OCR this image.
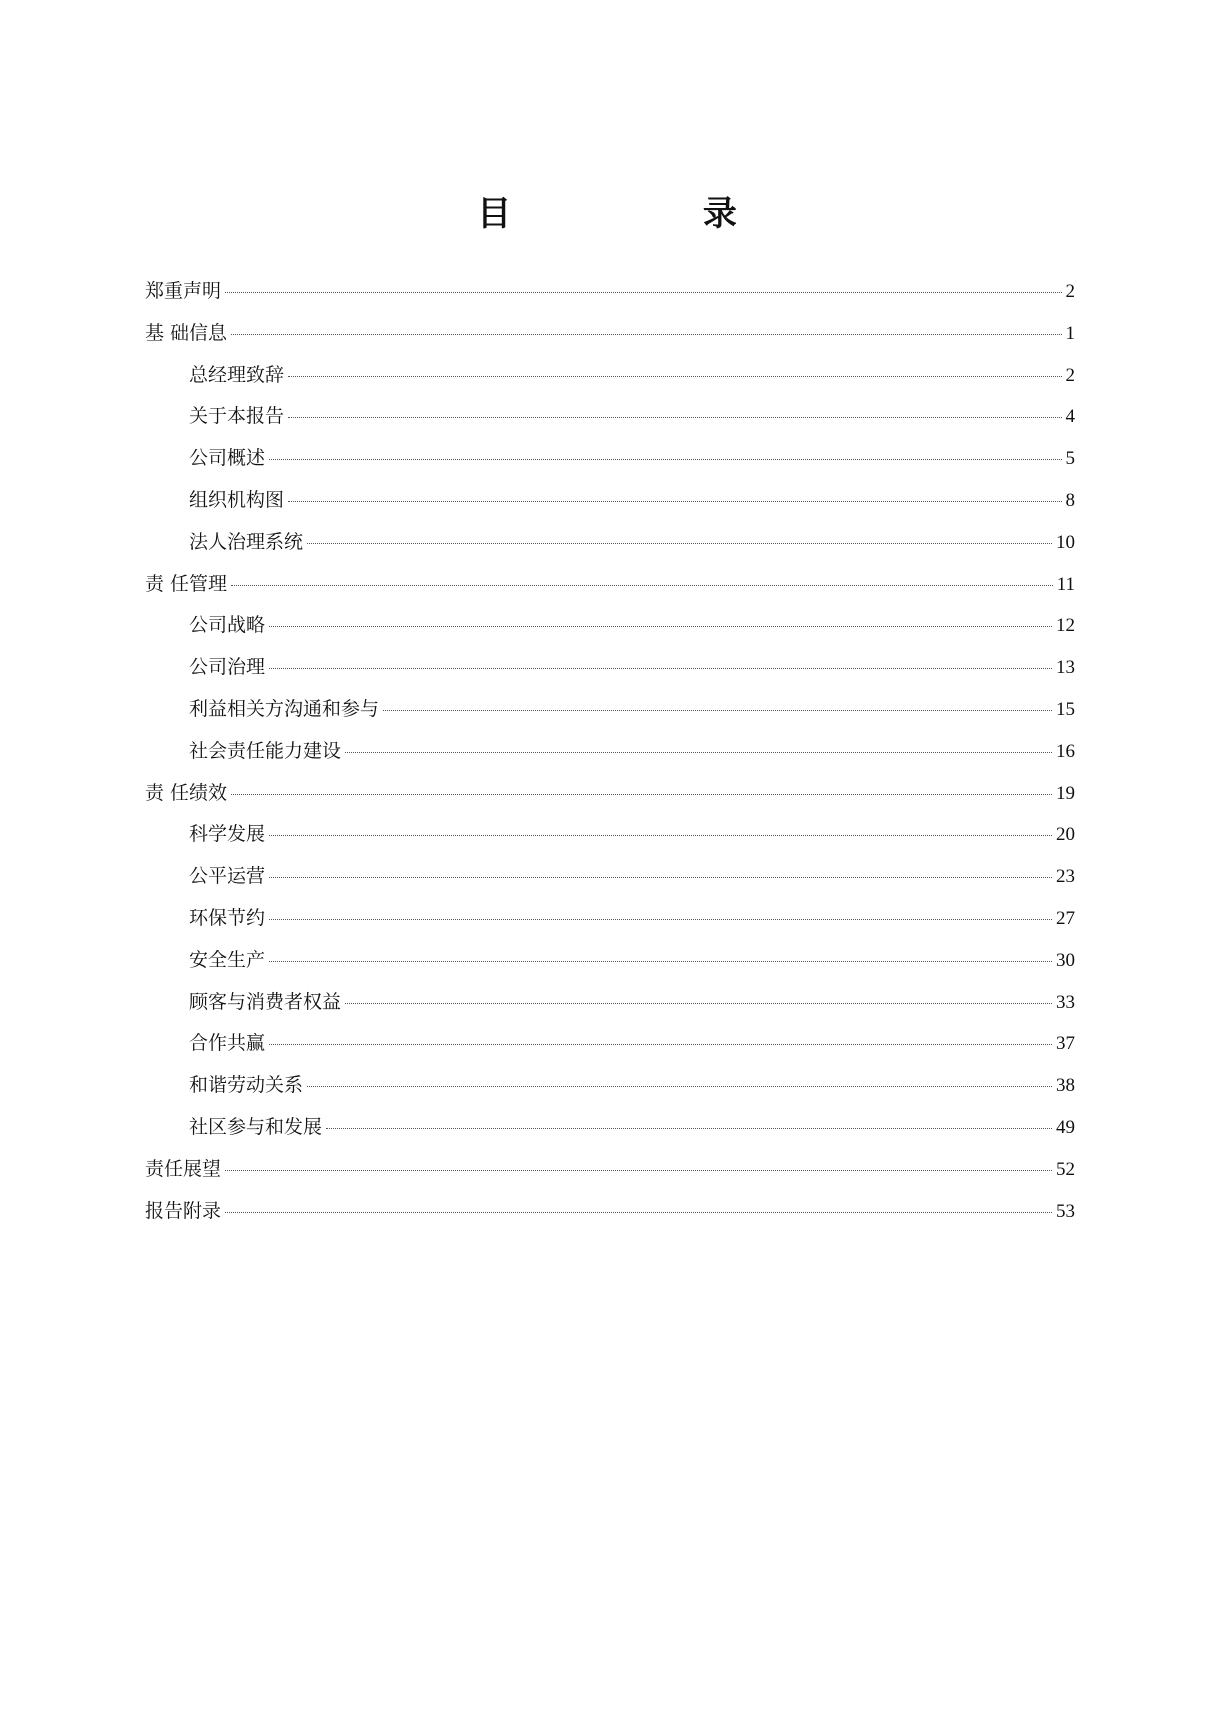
目 录
郑重声明	2
基 础信息	1
总经理致辞	2
关于本报告	4
公司概述	5
组织机构图	8
法人治理系统	10
责 任管理	11
公司战略	12
公司治理	13
利益相关方沟通和参与	15
社会责任能力建设	16
责 任绩效	19
科学发展	20
公平运营	23
环保节约	27
安全生产	30
顾客与消费者权益	33
合作共赢	37
和谐劳动关系	38
社区参与和发展	49
责任展望	52
报告附录	53
